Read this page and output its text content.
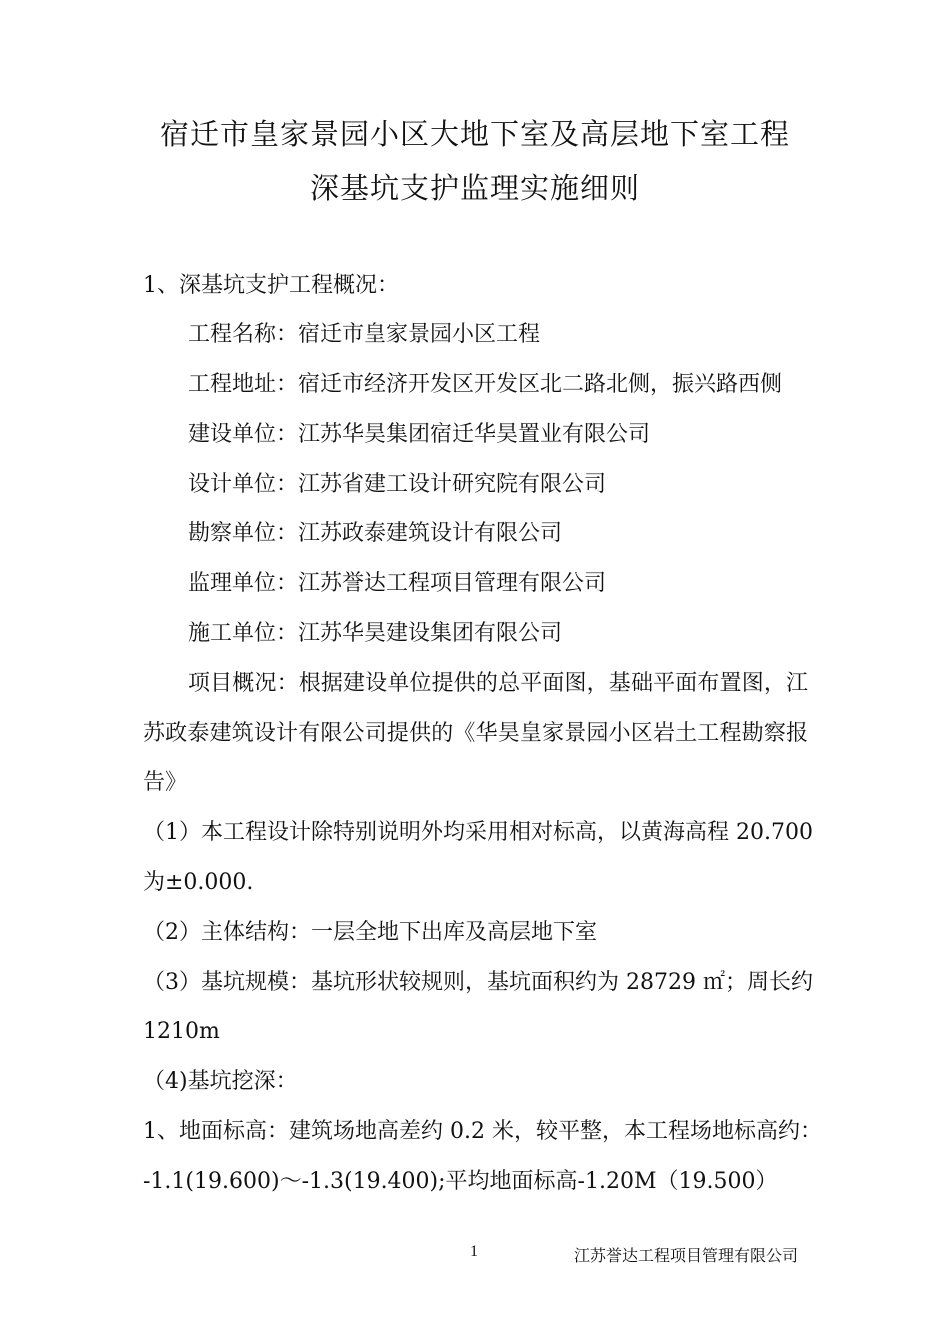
宿迁市皇家景园小区大地下室及高层地下室工程
深基坑支护监理实施细则

1、深基坑支护工程概况：

工程名称：宿迁市皇家景园小区工程

工程地址：宿迁市经济开发区开发区北二路北侧，振兴路西侧

建设单位：江苏华昊集团宿迁华昊置业有限公司

设计单位：江苏省建工设计研究院有限公司

勘察单位：江苏政泰建筑设计有限公司

监理单位：江苏誉达工程项目管理有限公司

施工单位：江苏华昊建设集团有限公司

项目概况：根据建设单位提供的总平面图，基础平面布置图，江

苏政泰建筑设计有限公司提供的《华昊皇家景园小区岩土工程勘察报

告》

（1）本工程设计除特别说明外均采用相对标高，以黄海高程 20.700

为±0.000.

（2）主体结构：一层全地下出库及高层地下室

（3）基坑规模：基坑形状较规则，基坑面积约为 28729 ㎡；周长约

1210m

（4)基坑挖深：

1、地面标高：建筑场地高差约 0.2 米，较平整，本工程场地标高约：

-1.1(19.600)～-1.3(19.400);平均地面标高-1.20M（19.500）

1	江苏誉达工程项目管理有限公司
